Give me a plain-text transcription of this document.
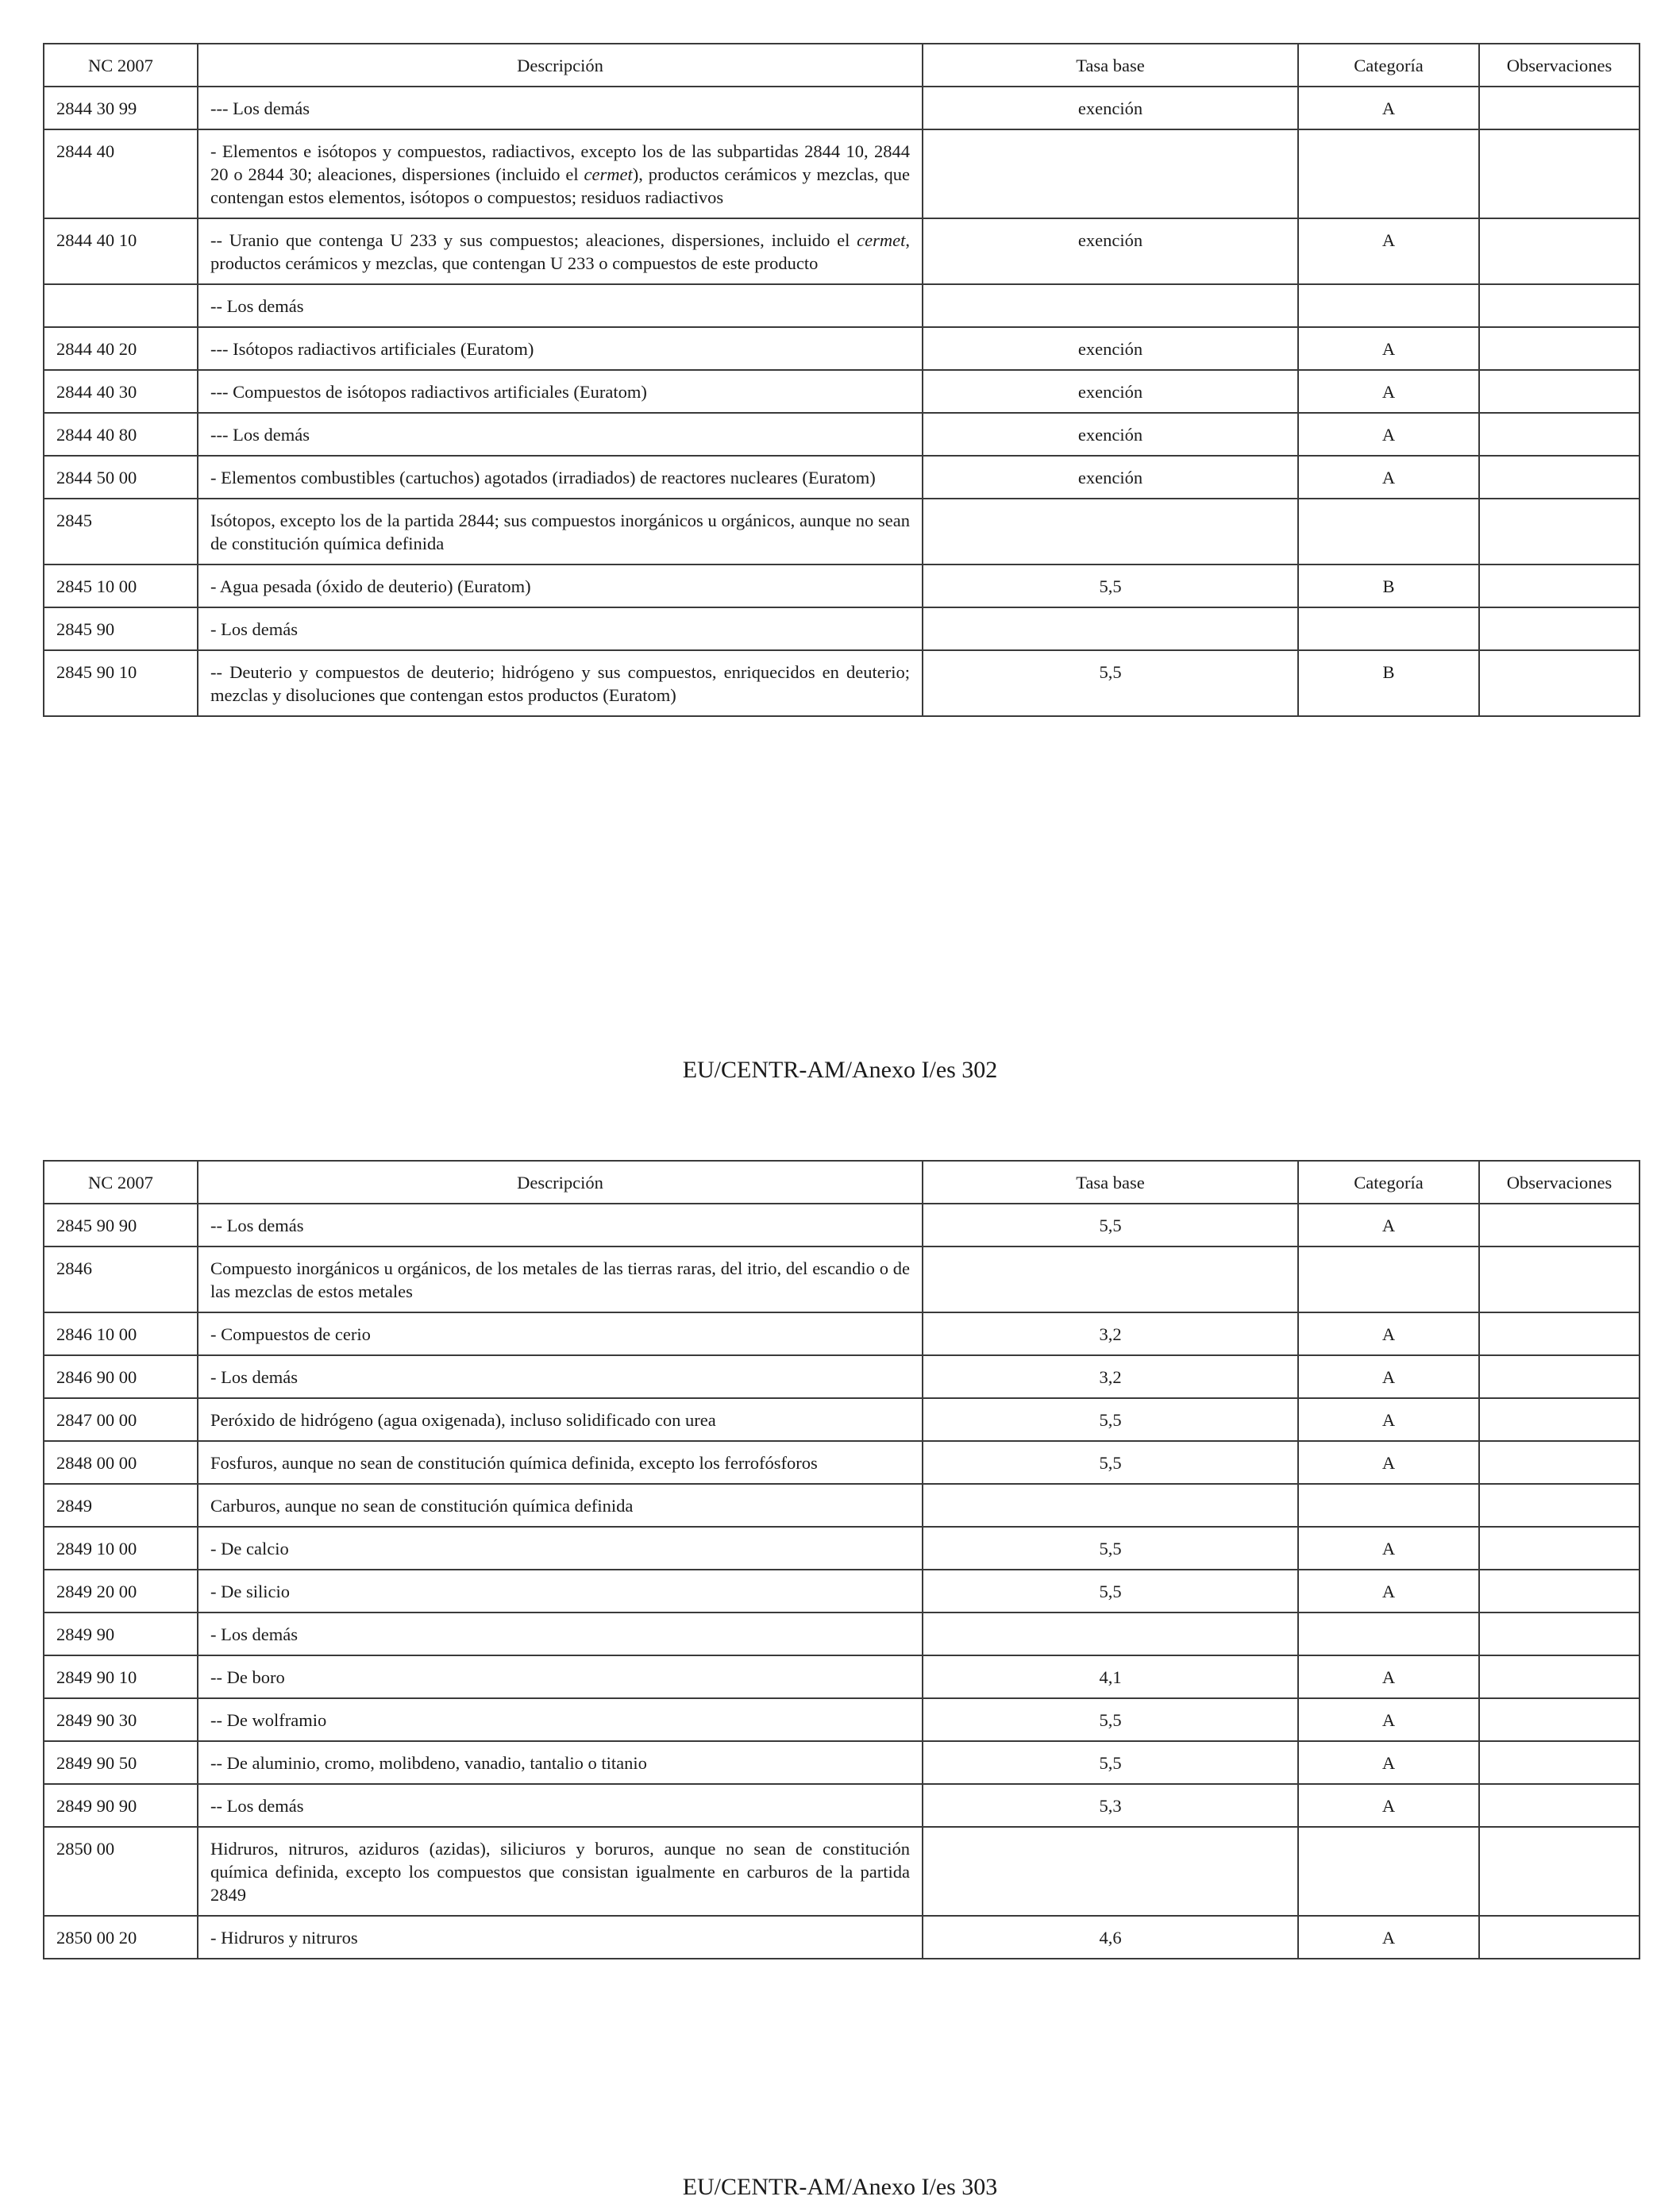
NC 2007	Descripción	Tasa base	Categoría	Observaciones
2844 30 99	--- Los demás	exención	A	
2844 40	- Elementos e isótopos y compuestos, radiactivos, excepto los de las subpartidas 2844 10, 2844 20 o 2844 30; aleaciones, dispersiones (incluido el cermet), productos cerámicos y mezclas, que contengan estos elementos, isótopos o compuestos; residuos radiactivos			
2844 40 10	-- Uranio que contenga U 233 y sus compuestos; aleaciones, dispersiones, incluido el cermet, productos cerámicos y mezclas, que contengan U 233 o compuestos de este producto	exención	A	
	-- Los demás			
2844 40 20	--- Isótopos radiactivos artificiales (Euratom)	exención	A	
2844 40 30	--- Compuestos de isótopos radiactivos artificiales (Euratom)	exención	A	
2844 40 80	--- Los demás	exención	A	
2844 50 00	- Elementos combustibles (cartuchos) agotados (irradiados) de reactores nucleares (Euratom)	exención	A	
2845	Isótopos, excepto los de la partida 2844; sus compuestos inorgánicos u orgánicos, aunque no sean de constitución química definida			
2845 10 00	- Agua pesada (óxido de deuterio) (Euratom)	5,5	B	
2845 90	- Los demás			
2845 90 10	-- Deuterio y compuestos de deuterio; hidrógeno y sus compuestos, enriquecidos en deuterio; mezclas y disoluciones que contengan estos productos (Euratom)	5,5	B	
EU/CENTR-AM/Anexo I/es 302
NC 2007	Descripción	Tasa base	Categoría	Observaciones
2845 90 90	-- Los demás	5,5	A	
2846	Compuesto inorgánicos u orgánicos, de los metales de las tierras raras, del itrio, del escandio o de las mezclas de estos metales			
2846 10 00	- Compuestos de cerio	3,2	A	
2846 90 00	- Los demás	3,2	A	
2847 00 00	Peróxido de hidrógeno (agua oxigenada), incluso solidificado con urea	5,5	A	
2848 00 00	Fosfuros, aunque no sean de constitución química definida, excepto los ferrofósforos	5,5	A	
2849	Carburos, aunque no sean de constitución química definida			
2849 10 00	- De calcio	5,5	A	
2849 20 00	- De silicio	5,5	A	
2849 90	- Los demás			
2849 90 10	-- De boro	4,1	A	
2849 90 30	-- De wolframio	5,5	A	
2849 90 50	-- De aluminio, cromo, molibdeno, vanadio, tantalio o titanio	5,5	A	
2849 90 90	-- Los demás	5,3	A	
2850 00	Hidruros, nitruros, aziduros (azidas), siliciuros y boruros, aunque no sean de constitución química definida, excepto los compuestos que consistan igualmente en carburos de la partida 2849			
2850 00 20	- Hidruros y nitruros	4,6	A	
EU/CENTR-AM/Anexo I/es 303
